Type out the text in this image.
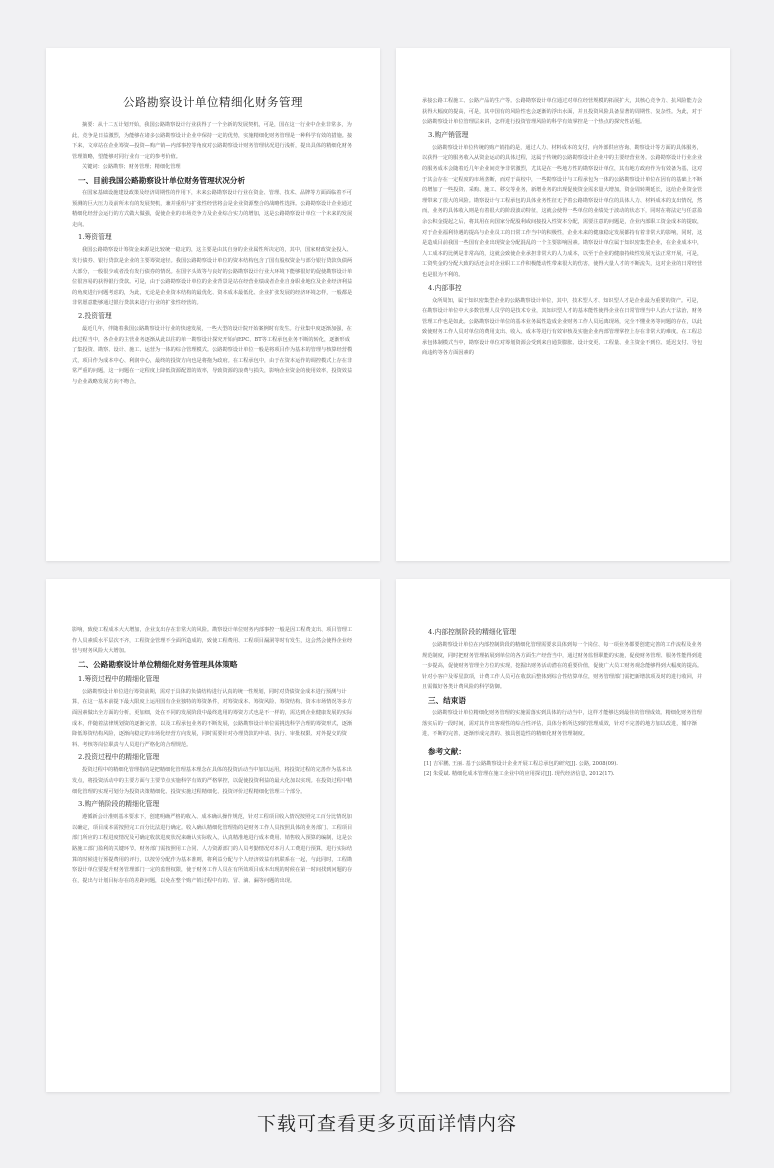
公路勘察设计单位精细化财务管理

摘要：从十二五计划开始，我国公路勘察设计行业获得了一个全新的发展契机，可是，国在这一行业中企业非常多，为此，竞争是日益激烈，为能够在诸多公路勘察设计企业中保持一定的优势，实施精细化财务管理是一种科学有效的措施。接下来，文章站在企业筹资—投资—购产销—内部事控等角度对公路勘察设计财务管理状况进行浅析，提出具体的精细化财务管理策略，望能够对同行业有一定的参考价值。

关键词：公路勘察；财务管理；精细化管理

一、目前我国公路勘察设计单位财务管理状况分析

在国家基础设施建设政策及经济周期性的作用下，未来公路勘察设计行业在资金、管理、技术、品牌等方面面临着不可预测的巨大压力及前所未有的发展契机，兼并重组与扩张性经营将会是企业资源整合的战略性选择。公路勘察设计企业通过精细化经营会运行的方式做大做强，促使企业的市场竞争力及企业综合实力的增加，这是公路勘察设计单位一个未来的发展走向。

1.筹资管理

我国公路勘察设计筹资金来源是比较统一稳定的，这主要是由其自身的企业属性所决定的，其中，国家财政资金投入、发行债券、银行贷款是企业的主要筹资途径。我国公路勘察设计单位的资本结构包含了国有股权资金与部分银行贷款负债两大部分，一般很少或者没有发行债券的情况。在国字头效等与良好的公路勘察设计行业大环境下能够很好的促使勘察设计单位很容易的获得银行贷款。可是，由于公路勘察设计单位的企业背景是站在经营业绩或者企业自身职业地位及企业经济利益的角度进行问题考虑的，为此，无论是企业资本结构的最优化、资本成本最低化、企业扩张发展的经济环境怎样，一般都是非常愿意能够通过银行贷款来进行行业的扩张性经营的。

2.投资管理

最近几年，伴随着我国公路勘察设计行业的快速发展，一些大型的设计院开始案例时有发生。行业集中度逐渐加强，在此过程当中，各企业的主营业务逐渐从此以往的单一勘察设计探究开始向EPC、BT等工程承包业务不断的转化，逐渐形成了集投资、勘察、设计、施工、运营为一体的综合管理模式。公路勘察设计单位一般是将项目作为基本的管理与核算经营模式，项目作为成本中心、利润中心，最终的投资方向也是将拖为政府。在工程承包中，由于在资本运作的调控模式上存在非常严重的问题，这一问题在一定程度上降低资源配置的效率，导致资源的浪费与损失，影响企业资金的使用效率，投资效益与企业战略发展方向不吻合。

承接公路工程施工、公路产品的生产等。公路勘察设计单位通过对单位经营规模的拓展扩大，其核心竞争力、抗风险能力会获得大幅度的提高，可是，其中国有的风险性也会逐渐的浮出水面，并且投资风险具备显著的周期性、复杂性。为此，对于公路勘察设计单位管理层来讲，怎样进行投资管理风险的科学有效掌控是一个热点的探究性话题。

3.购产销管理

公路勘察设计单位传统的购产销指的是，通过人力、材料成本的支付，向外部供应咨询、勘察设计等方面的具体服务，以获得一定的服务收入从资金运动的具体过程，这属于传统的公路勘察设计企业中的主要经营业务。公路勘察设计行业企业的服务成本会随着近几年企业间竞争非常激烈，尤其是在一些地方性的勘察设计单位，其有地方政府作为有效备为基，这对于其会存在一定程度的市场垄断，而对于高校中，一些勘察设计与工程承包为一体的公路勘察设计单位在因有的基础上不断的增加了一些投资、采购、施工、移交等业务，新增业务的出现促使资金需求量大增加，资金周转期延长，这给企业资金管理带来了很大的风险。勘察设计与工程承包的具体业务性征无予着公路勘察设计单位的具体人力、材料成本的支出情况，然而，业务的具体收入则是有着很大的阶段波动特征，这就会使得一些单位的业绩处于波动的状态下，同时在将法定与任意盈余公积金提起之后，将其用在向国家分配股利或间接投入性资本分配，需要注意的问题是，企业内部职工资金成本的提取，对于企业福利待遇的提高与企业员工的日常工作当中的积极性，企业未来的健康稳定发展都持有着非常大的影响，同时，这是造成目前我国一些国有企业出现资金分配混乱的一个主要影响因素。勘察设计单位属于知识密集型企业，在企业成本中，人工成本的比例是非常高的，这就会致使企业承担非常大的人力成本，以至于企业的健康持续性发展无法正常开展，可是，工资奖金的分配大致的话还会对企业职工工作积极能动性带来很大的伤害，使得大量人才的不断流失，这对企业的日常经营也是很为不利的。

4.内部事控

众所周知，属于知识密集型企业的公路勘察设计单位，其中，技术型人才、知识型人才是企业最为重要的资产。可是，在勘察设计单位中大多数管理人员学的是技术专业，其知识型人才的基本能性使得企业在日常管理当中人治大于法治，财务管理工作也是如此。公路勘察设计单位的基本业务属性造成企业财务工作人员远离现场，完全不懂业务等问题的存在，以此致使财务工作人员对单位的费用支出、收入、成本等进行有效审核及实施企业内部管理掌控上存在非常大的难度。在工程总承包体制模式当中，勘察设计单位对筹划资源会受到来自通货膨胀、设计变更、工程量、业主资金不到位、延迟支付、导包商违约等各方面因素的

影响，致使工程成本大大增加，企业支出存在非常大的风险。勘察设计单位财务内部事控一般是因工程费支出、项目管理工作人员素质水平层次不齐，工程资金管理不全面所造成的，致使工程费用、工程项目漏洞等时有发生，这会然会使得企业经营与财务风险大大增加。

二、公路勘察设计单位精细化财务管理具体策略
1.筹资过程中的精细化管理

公路勘察设计单位进行筹资前期，需对于具体的负债结构进行认真的统一性规划，同时对贷债资金成本进行预测与计算，在这一基本前提下最大限度上运用国有企业独特的筹资条件，对筹资成本、筹资风险、筹资结构、资本市场情况等多方面因素做出全方面的分析，更加细，处在不同的发展阶段中最终选用的筹资方式也是不一样的，需达到企业健康发展的实际成本，伴随着法律规划资的逐渐完善，以及工程承包业务的不断发展，公路勘察设计单位需挑选科学合理的筹资形式，逐渐降低筹资结构风险，逐渐向稳定的市场化经营方向发展，同时需要针对办理贷款的申请、执行、审批权限、对外提交的资料、考核等岗位职责与人员进行严格化的合理规范。

2.投资过程中的精细化管理

投资过程中的精细化管理指的是把精细化管理基本理念在具体的投资活动当中加以运用，将投资过程的完善作为基本出发点，将投资活动中的主要方面与主要节点实施科学有效的严格掌控，以促使投资利益的最大化加以实现。在投资过程中精细化管理的实现可划分为投资决策精细化、投资实施过程精细化、投资评价过程精细化管理三个部分。

3.购产销阶段的精细化管理

遵循新会计准则基本要求下，创建明确严格的收入、成本确认操作规范，针对工程项目收入情况按照完工百分比情况加以确定，项目成本需按照完工百分比法进行确定。收入确认精细化管理指的是财务工作人员按照具体的业务部门、工程项目部门所应的工程进度情况及可确定收款进度状况来确认实际收入，认真精准地进行成本费用、销售收入预算的编制，这是公路施工部门盈利的关键环节。财务部门需按照用工合同、人力资源部门的人员考勤情况对本月人工费进行预算，进行实际结算的时候进行预提费用的评行，以按劳分配作为基本准则，将利益分配与个人经济效益有机联系在一起，与此同时，工程勘察设计单位要提升财务管理部门一定的监督权限，使于财务工作人员在有所效项目成本出现的时候在第一时间找到问题的存在，提出与计划目标存在的差距问题，以免在整个购产销过程中有的、冒、滴、漏等问题的出现。

4.内部控制阶段的精细化管理

公路勘察设计单位在内部控制阶段的精细化管理需要求具体到每一个岗位、每一项业务都要创建完善的工作流程及业务规范制度，同时把财务管理拓展到单位的各方面生产经营当中，通过财务监督职能的实施，促使财务管理、服务性能得到进一步提高，促使财务管理全方位的实现，挖掘出财务活动潜在的重要价值，促使广大员工财务观念能够得到大幅度的提高。针对小客户及零星款项，计费工作人员可在收款后整体到综合性结算单位，财务管理部门需把新增款项及时的进行收回，并且需做好各类计费风险的科学防御。

三、结束语

公路勘察设计单位精细化财务管理的实施需落实到具体的行动当中，这样才能够达到最佳的管理成效。精细化财务管理落实后的一段时间，需对其作出客观性的综合性评估，具体分析所达到的管理成效，针对不完善的地方加以改进，循序渐进，不断的完善，逐渐形成完善的、独具创造性的精细化财务管理制度。

参考文献：
[1] 吉军鹏, 王丽. 基于公路勘察设计企业开展工程总承包的研究[J]. 公路, 2008(09).
[2] 朱爱斌. 精细化成本管理在施工企业中的应用探讨[J]. 现代经济信息, 2012(17).
下载可查看更多页面详情内容
